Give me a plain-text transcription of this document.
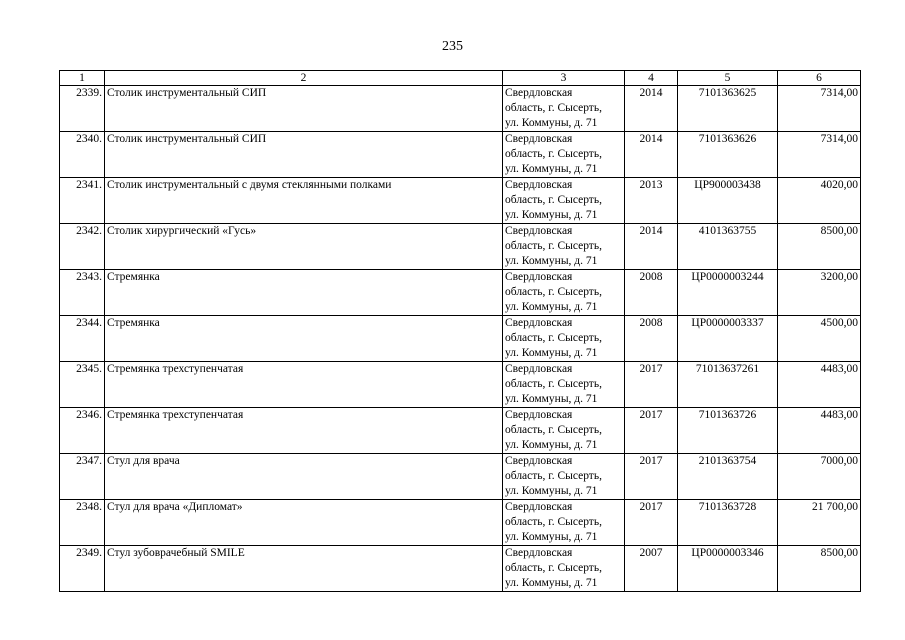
235
1	2	3	4	5	6
2339.	Столик инструментальный СИП	Свердловская
область, г. Сысерть,
ул. Коммуны, д. 71	2014	7101363625	7314,00
2340.	Столик инструментальный СИП	Свердловская
область, г. Сысерть,
ул. Коммуны, д. 71	2014	7101363626	7314,00
2341.	Столик инструментальный с двумя стеклянными полками	Свердловская
область, г. Сысерть,
ул. Коммуны, д. 71	2013	ЦР900003438	4020,00
2342.	Столик хирургический «Гусь»	Свердловская
область, г. Сысерть,
ул. Коммуны, д. 71	2014	4101363755	8500,00
2343.	Стремянка	Свердловская
область, г. Сысерть,
ул. Коммуны, д. 71	2008	ЦР0000003244	3200,00
2344.	Стремянка	Свердловская
область, г. Сысерть,
ул. Коммуны, д. 71	2008	ЦР0000003337	4500,00
2345.	Стремянка трехступенчатая	Свердловская
область, г. Сысерть,
ул. Коммуны, д. 71	2017	71013637261	4483,00
2346.	Стремянка трехступенчатая	Свердловская
область, г. Сысерть,
ул. Коммуны, д. 71	2017	7101363726	4483,00
2347.	Стул для врача	Свердловская
область, г. Сысерть,
ул. Коммуны, д. 71	2017	2101363754	7000,00
2348.	Стул для врача «Дипломат»	Свердловская
область, г. Сысерть,
ул. Коммуны, д. 71	2017	7101363728	21 700,00
2349.	Стул зубоврачебный SMILE	Свердловская
область, г. Сысерть,
ул. Коммуны, д. 71	2007	ЦР0000003346	8500,00
